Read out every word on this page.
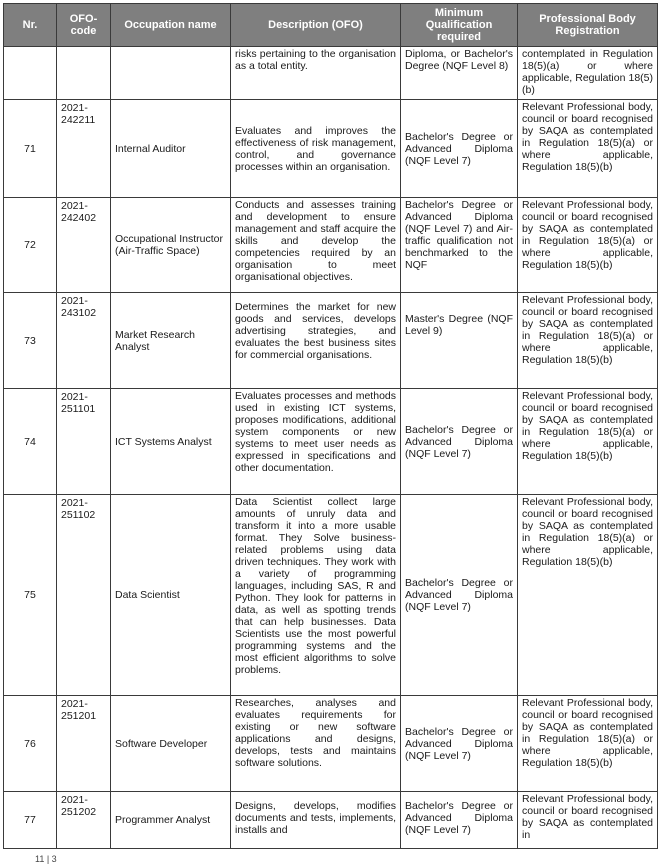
Nr.	OFO-code	Occupation name	Description (OFO)	Minimum Qualification required	Professional Body Registration

		risks pertaining to the organisation as a total entity.	Diploma, or Bachelor's Degree (NQF Level 8)	contemplated in Regulation 18(5)(a) or where applicable, Regulation 18(5)(b)
71	2021-242211	Internal Auditor	Evaluates and improves the effectiveness of risk management, control, and governance processes within an organisation.	Bachelor's Degree or Advanced Diploma (NQF Level 7)	Relevant Professional body, council or board recognised by SAQA as contemplated in Regulation 18(5)(a) or where applicable, Regulation 18(5)(b)
72	2021-242402	Occupational Instructor (Air-Traffic Space)	Conducts and assesses training and development to ensure management and staff acquire the skills and develop the competencies required by an organisation to meet organisational objectives.	Bachelor's Degree or Advanced Diploma (NQF Level 7) and Air-traffic qualification not benchmarked to the NQF	Relevant Professional body, council or board recognised by SAQA as contemplated in Regulation 18(5)(a) or where applicable, Regulation 18(5)(b)
73	2021-243102	Market Research Analyst	Determines the market for new goods and services, develops advertising strategies, and evaluates the best business sites for commercial organisations.	Master's Degree (NQF Level 9)	Relevant Professional body, council or board recognised by SAQA as contemplated in Regulation 18(5)(a) or where applicable, Regulation 18(5)(b)
74	2021-251101	ICT Systems Analyst	Evaluates processes and methods used in existing ICT systems, proposes modifications, additional system components or new systems to meet user needs as expressed in specifications and other documentation.	Bachelor's Degree or Advanced Diploma (NQF Level 7)	Relevant Professional body, council or board recognised by SAQA as contemplated in Regulation 18(5)(a) or where applicable, Regulation 18(5)(b)
75	2021-251102	Data Scientist	Data Scientist collect large amounts of unruly data and transform it into a more usable format. They Solve business-related problems using data driven techniques. They work with a variety of programming languages, including SAS, R and Python. They look for patterns in data, as well as spotting trends that can help businesses. Data Scientists use the most powerful programming systems and the most efficient algorithms to solve problems.	Bachelor's Degree or Advanced Diploma (NQF Level 7)	Relevant Professional body, council or board recognised by SAQA as contemplated in Regulation 18(5)(a) or where applicable, Regulation 18(5)(b)
76	2021-251201	Software Developer	Researches, analyses and evaluates requirements for existing or new software applications and designs, develops, tests and maintains software solutions.	Bachelor's Degree or Advanced Diploma (NQF Level 7)	Relevant Professional body, council or board recognised by SAQA as contemplated in Regulation 18(5)(a) or where applicable, Regulation 18(5)(b)
77	2021-251202	Programmer Analyst	Designs, develops, modifies documents and tests, implements, installs and	Bachelor's Degree or Advanced Diploma (NQF Level 7)	Relevant Professional body, council or board recognised by SAQA as contemplated in
11 | 3
